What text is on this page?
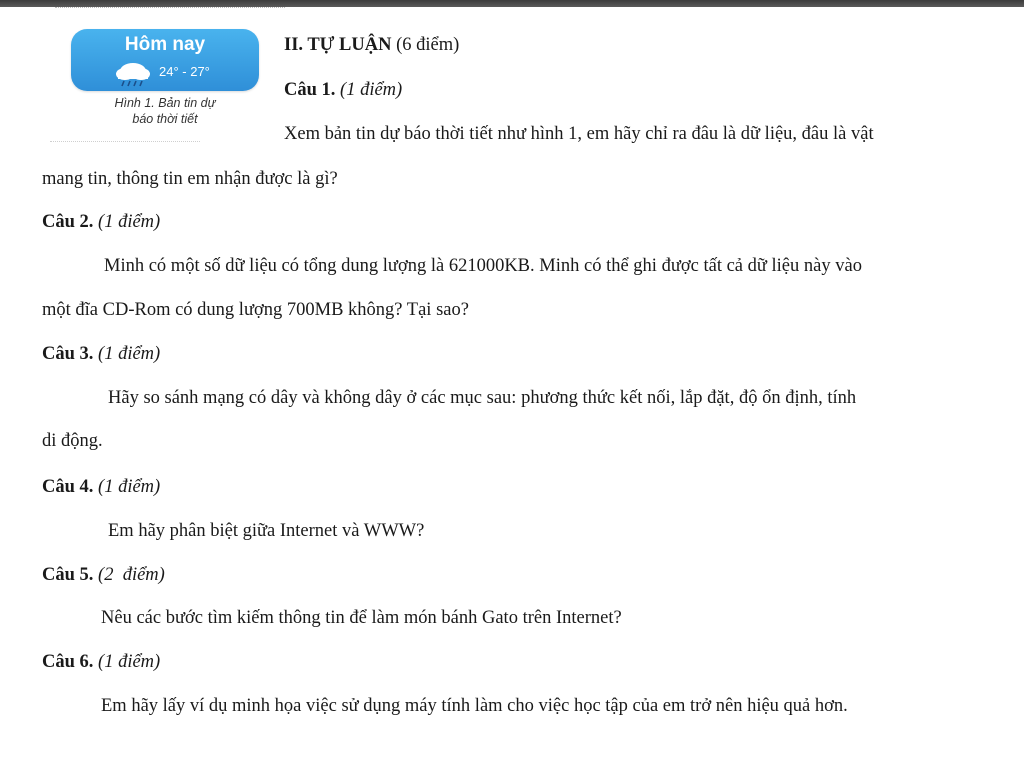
Hôm nay
24° - 27°
Hình 1. Bản tin dự
báo thời tiết
II. TỰ LUẬN (6 điểm)
Câu 1. (1 điểm)
Xem bản tin dự báo thời tiết như hình 1, em hãy chỉ ra đâu là dữ liệu, đâu là vật
mang tin, thông tin em nhận được là gì?
Câu 2. (1 điểm)
Minh có một số dữ liệu có tổng dung lượng là 621000KB. Minh có thể ghi được tất cả dữ liệu này vào
một đĩa CD-Rom có dung lượng 700MB không? Tại sao?
Câu 3. (1 điểm)
Hãy so sánh mạng có dây và không dây ở các mục sau: phương thức kết nối, lắp đặt, độ ổn định, tính
di động.
Câu 4. (1 điểm)
Em hãy phân biệt giữa Internet và WWW?
Câu 5. (2  điểm)
Nêu các bước tìm kiếm thông tin để làm món bánh Gato trên Internet?
Câu 6. (1 điểm)
Em hãy lấy ví dụ minh họa việc sử dụng máy tính làm cho việc học tập của em trở nên hiệu quả hơn.
